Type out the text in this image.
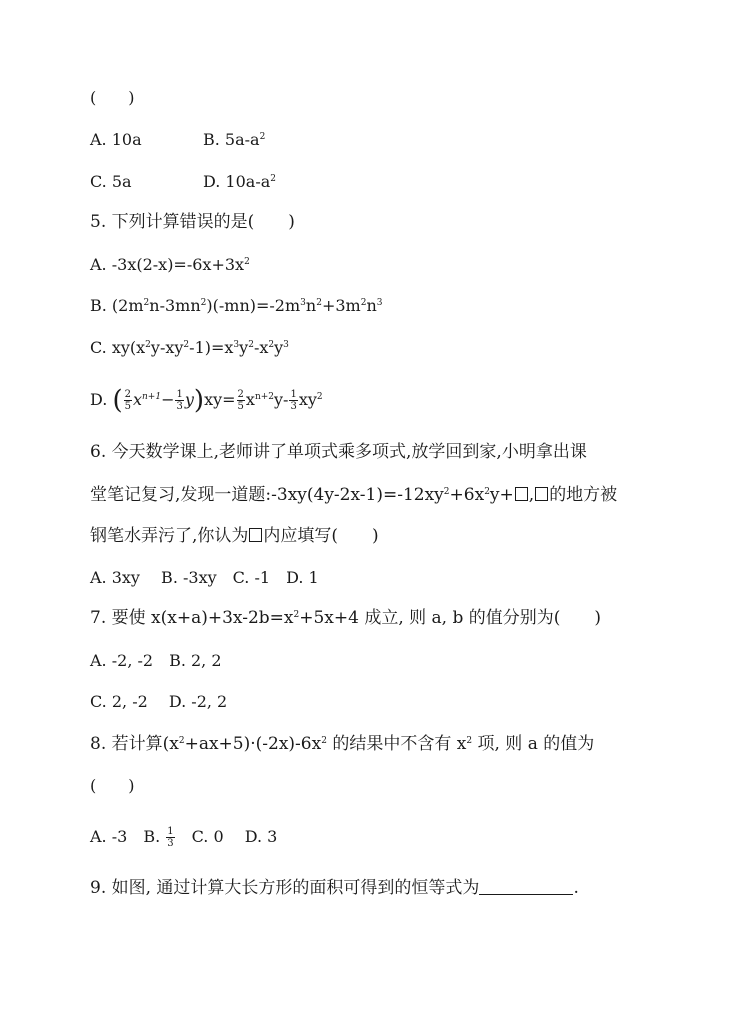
(　　)
A. 10a	B. $5a-a^2$
C. 5a	D. $10a-a^2$
5. 下列计算错误的是(　　)
A. $-3x(2-x)=-6x+3x^2$
B. $(2m^2n-3mn^2)(-mn)=-2m^3n^2+3m^2n^3$
C. $xy(x^2y-xy^2-1)=x^3y^2-x^2y^3$
D. ( $\frac{2}{5} x^{n+1}- \frac{1}{3} y)xy= \frac{2}{5} x^{n+2}y- \frac{1}{3} xy^2$
6. 今天数学课上,老师讲了单项式乘多项式,放学回到家,小明拿出课
堂笔记复习,发现一道题$:-3xy(4y-2x-1)=-12xy^2+6x^2y+$ , 的地方被
钢笔水弄污了,你认为 内应填写(　　)
A. 3xy　 B. -3xy　C. -1　D. 1
7. 要使 $x(x+a)+3x-2b=x^2+5x+4$ 成立, 则 a, b 的值分别为(　　)
A. -2, -2　B. 2, 2
C. 2, -2　 D. -2, 2
8. 若计算$(x^2+ax+5)\cdot(-2x)-6x^2$ 的结果中不含有 $x^2$ 项, 则 a 的值为
(　　)
A. -3　B. $\frac{1}{3}$ 　C. 0　 D. 3
9. 如图, 通过计算大长方形的面积可得到的恒等式为	.
